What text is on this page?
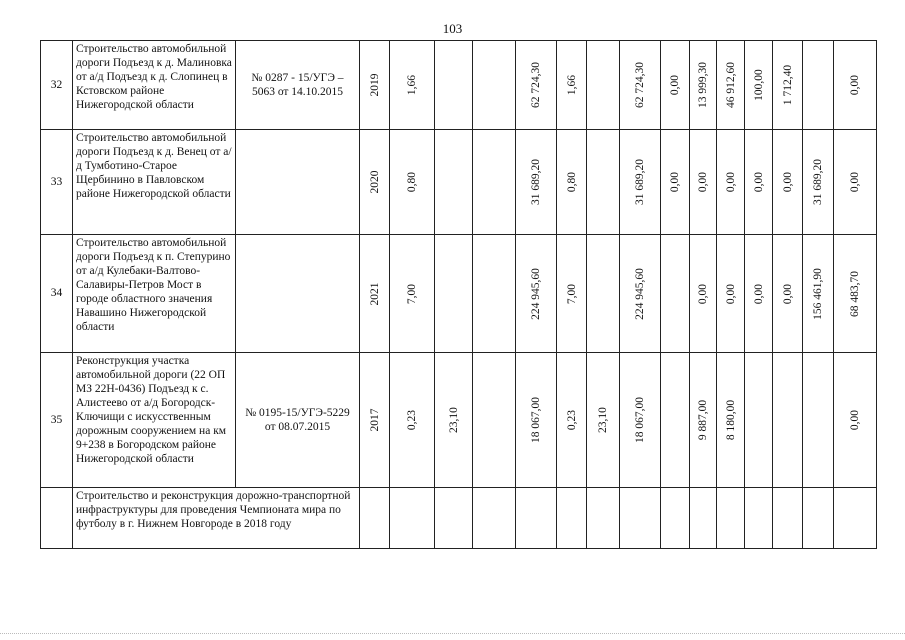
103
32	Строительство автомобильной дороги Подъезд к д. Малиновка от а/д Подъезд к д. Слопинец в Кстовском районе Нижегородской области	№ 0287 - 15/УГЭ – 5063 от 14.10.2015	2019	1,66			62 724,30	1,66		62 724,30	0,00	13 999,30	46 912,60	100,00	1 712,40		0,00

33	Строительство автомобильной дороги Подъезд к д. Венец от а/д Тумботино-Старое Щербинино в Павловском районе Нижегородской области		2020	0,80			31 689,20	0,80		31 689,20	0,00	0,00	0,00	0,00	0,00	31 689,20	0,00

34	Строительство автомобильной дороги Подъезд к п. Степурино от а/д Кулебаки-Валтово-Салавиры-Петров Мост в городе областного значения Навашино Нижегородской области		2021	7,00			224 945,60	7,00		224 945,60		0,00	0,00	0,00	0,00	156 461,90	68 483,70

35	Реконструкция участка автомобильной дороги (22 ОП МЗ 22Н-0436) Подъезд к с. Алистеево от а/д Богородск-Ключищи с искусственным дорожным сооружением на км 9+238 в Богородском районе Нижегородской области	№ 0195-15/УГЭ-5229 от 08.07.2015	2017	0,23	23,10		18 067,00	0,23	23,10	18 067,00		9 887,00	8 180,00				0,00

	Строительство и реконструкция дорожно-транспортной инфраструктуры для проведения Чемпионата мира по футболу в г. Нижнем Новгороде в 2018 году																
